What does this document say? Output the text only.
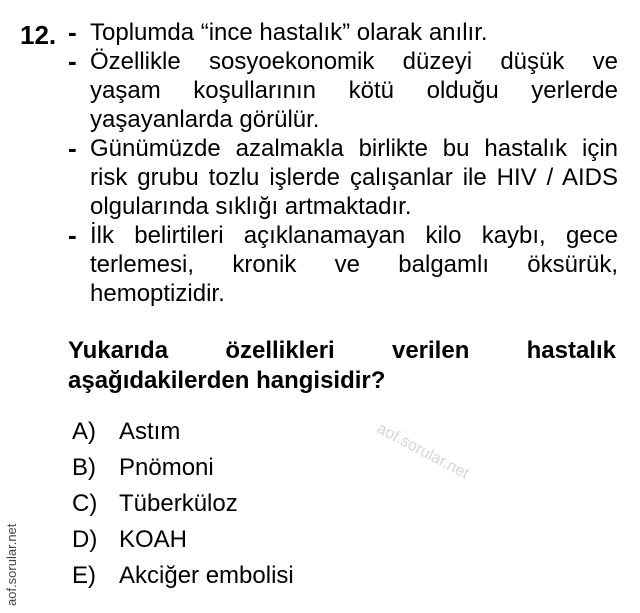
12. - Toplumda “ince hastalık” olarak anılır.
- Özellikle sosyoekonomik düzeyi düşük ve
yaşam koşullarının kötü olduğu yerlerde
yaşayanlarda görülür.
- Günümüzde azalmakla birlikte bu hastalık için
risk grubu tozlu işlerde çalışanlar ile HIV / AIDS
olgularında sıklığı artmaktadır.
- İlk belirtileri açıklanamayan kilo kaybı, gece
terlemesi, kronik ve balgamlı öksürük,
hemoptizidir.
Yukarıda özellikleri verilen hastalık
aşağıdakilerden hangisidir?
A) Astım
B) Pnömoni
C) Tüberküloz
D) KOAH
E) Akciğer embolisi
aof.sorular.net
aof.sorular.net
